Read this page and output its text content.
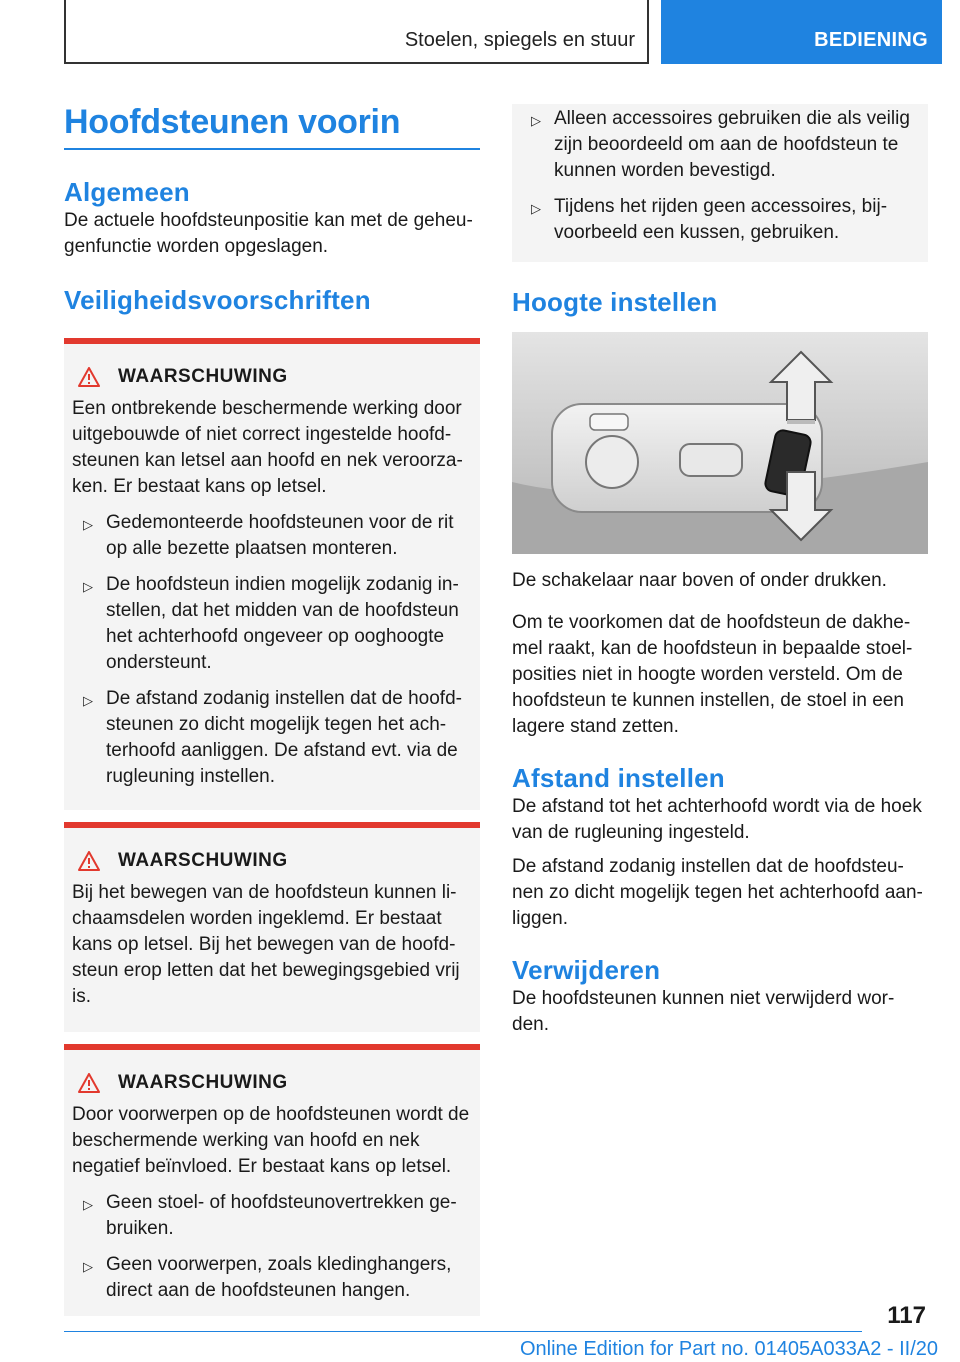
Stoelen, spiegels en stuur	BEDIENING
Hoofdsteunen voorin
Algemeen

De actuele hoofdsteunpositie kan met de geheu-genfunctie worden opgeslagen.

Veiligheidsvoorschriften
WAARSCHUWING

Een ontbrekende beschermende werking door uitgebouwde of niet correct ingestelde hoofd-steunen kan letsel aan hoofd en nek veroorza-ken. Er bestaat kans op letsel.

▷ Gedemonteerde hoofdsteunen voor de rit op alle bezette plaatsen monteren.
▷ De hoofdsteun indien mogelijk zodanig in-stellen, dat het midden van de hoofdsteun het achterhoofd ongeveer op ooghoogte ondersteunt.
▷ De afstand zodanig instellen dat de hoofd-steunen zo dicht mogelijk tegen het ach-terhoofd aanliggen. De afstand evt. via de rugleuning instellen.
WAARSCHUWING

Bij het bewegen van de hoofdsteun kunnen li-chaamsdelen worden ingeklemd. Er bestaat kans op letsel. Bij het bewegen van de hoofd-steun erop letten dat het bewegingsgebied vrij is.

WAARSCHUWING

Door voorwerpen op de hoofdsteunen wordt de beschermende werking van hoofd en nek negatief beïnvloed. Er bestaat kans op letsel.

▷ Geen stoel- of hoofdsteunovertrekken ge-bruiken.
▷ Geen voorwerpen, zoals kledinghangers, direct aan de hoofdsteunen hangen.
▷ Alleen accessoires gebruiken die als veilig zijn beoordeeld om aan de hoofdsteun te kunnen worden bevestigd.
▷ Tijdens het rijden geen accessoires, bij-voorbeeld een kussen, gebruiken.
Hoogte instellen

De schakelaar naar boven of onder drukken.

Om te voorkomen dat de hoofdsteun de dakhe-mel raakt, kan de hoofdsteun in bepaalde stoel-posities niet in hoogte worden versteld. Om de hoofdsteun te kunnen instellen, de stoel in een lagere stand zetten.

Afstand instellen

De afstand tot het achterhoofd wordt via de hoek van de rugleuning ingesteld.

De afstand zodanig instellen dat de hoofdsteu-nen zo dicht mogelijk tegen het achterhoofd aan-liggen.

Verwijderen

De hoofdsteunen kunnen niet verwijderd wor-den.

117
Online Edition for Part no. 01405A033A2 - II/20
